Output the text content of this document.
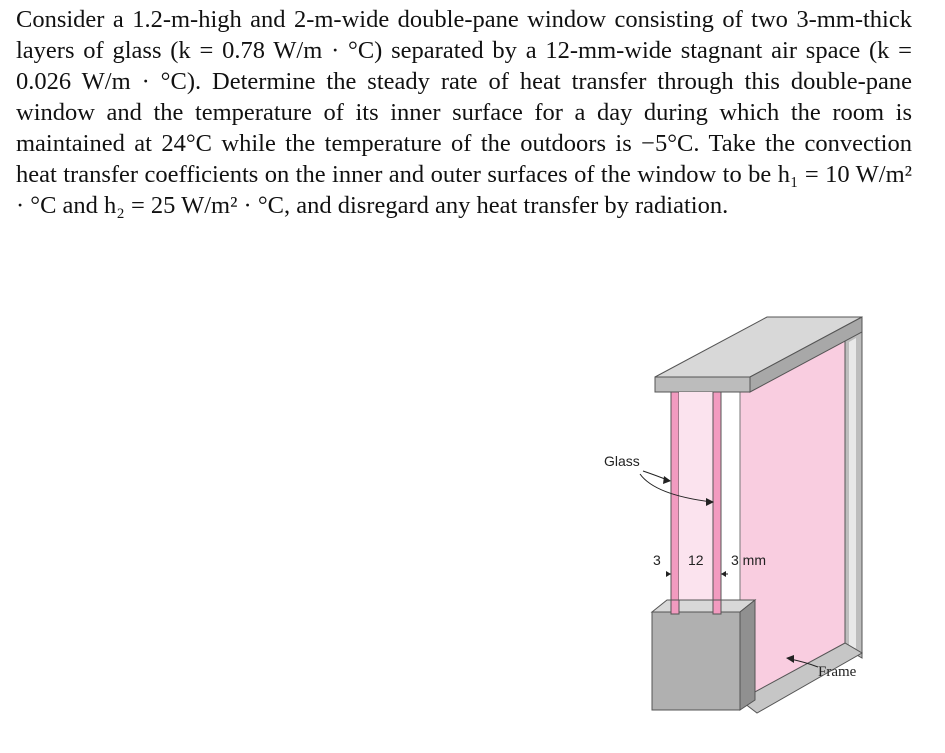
Consider a 1.2-m-high and 2-m-wide double-pane window consisting of two 3-mm-thick layers of glass (k = 0.78 W/m · °C) separated by a 12-mm-wide stagnant air space (k = 0.026 W/m · °C). Determine the steady rate of heat transfer through this double-pane window and the temperature of its inner surface for a day during which the room is maintained at 24°C while the temperature of the outdoors is −5°C. Take the convection heat transfer coefficients on the inner and outer surfaces of the window to be h₁ = 10 W/m² · °C and h₂ = 25 W/m² · °C, and disregard any heat transfer by radiation.

Glass
3 12 3 mm
Frame
